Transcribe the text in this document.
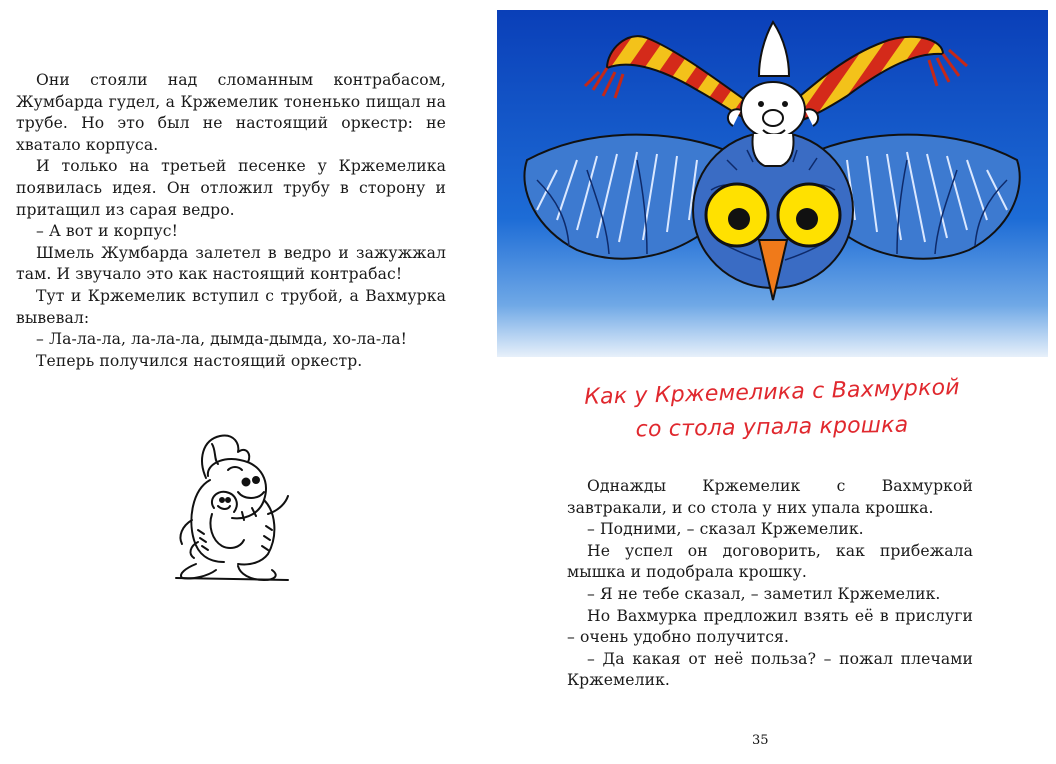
Они стояли над сломанным контрабасом, Жумбарда гудел, а Кржемелик тоненько пищал на трубе. Но это был не настоящий оркестр: не хватало корпуса.

И только на третьей песенке у Кржемелика появилась идея. Он отложил трубу в сторону и притащил из сарая ведро.

– А вот и корпус!

Шмель Жумбарда залетел в ведро и зажужжал там. И звучало это как настоящий контрабас!

Тут и Кржемелик вступил с трубой, а Вахмурка вывевал:

– Ла-ла-ла, ла-ла-ла, дымда-дымда, хо-ла-ла!

Теперь получился настоящий оркестр.

Как у Кржемелика с Вахмуркой
со стола упала крошка

Однажды Кржемелик с Вахмуркой завтракали, и со стола у них упала крошка.

– Подними, – сказал Кржемелик.

Не успел он договорить, как прибежала мышка и подобрала крошку.

– Я не тебе сказал, – заметил Кржемелик.

Но Вахмурка предложил взять её в прислуги – очень удобно получится.

– Да какая от неё польза? – пожал плечами Кржемелик.

35
